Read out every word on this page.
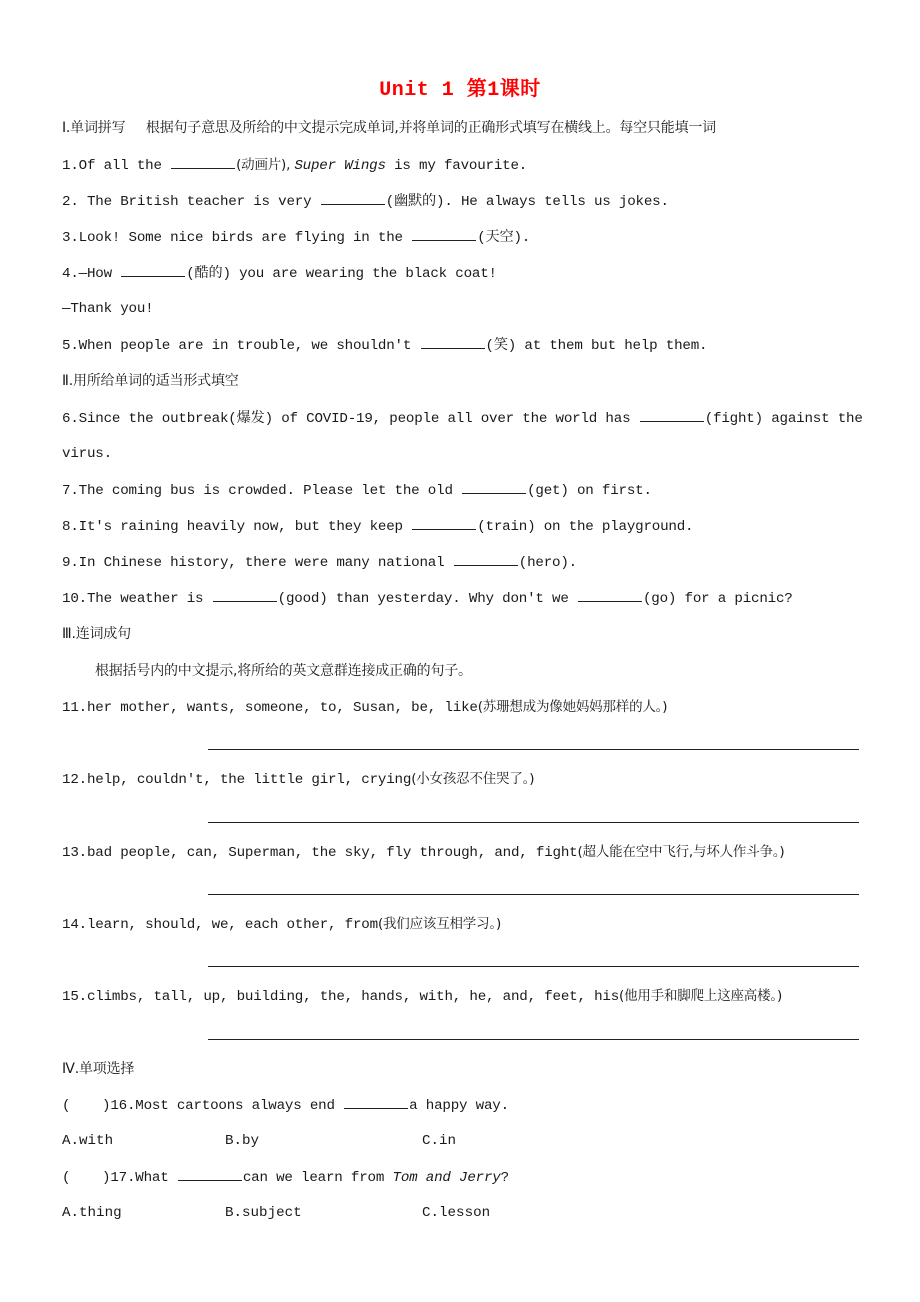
Unit 1 第1课时
Ⅰ.单词拼写 根据句子意思及所给的中文提示完成单词,并将单词的正确形式填写在横线上。每空只能填一词
1.Of all the	(动画片), Super Wings is my favourite.
2. The British teacher is very	(幽默的). He always tells us jokes.
3.Look! Some nice birds are flying in the	(天空).
4.—How	(酷的) you are wearing the black coat!
—Thank you!
5.When people are in trouble, we shouldn't	(笑) at them but help them.
Ⅱ.用所给单词的适当形式填空
6.Since the outbreak(爆发) of COVID-19, people all over the world has	(fight) against the
virus.
7.The coming bus is crowded. Please let the old	(get) on first.
8.It's raining heavily now, but they keep	(train) on the playground.
9.In Chinese history, there were many national	(hero).
10.The weather is	(good) than yesterday. Why don't we	(go) for a picnic?
Ⅲ.连词成句
根据括号内的中文提示,将所给的英文意群连接成正确的句子。
11.her mother, wants, someone, to, Susan, be, like(苏珊想成为像她妈妈那样的人。)
12.help, couldn't, the little girl, crying(小女孩忍不住哭了。)
13.bad people, can, Superman, the sky, fly through, and, fight(超人能在空中飞行,与坏人作斗争。)
14.learn, should, we, each other, from(我们应该互相学习。)
15.climbs, tall, up, building, the, hands, with, he, and, feet, his(他用手和脚爬上这座高楼。)
Ⅳ.单项选择
( )16.Most cartoons always end	a happy way.
A.with	B.by	C.in
( )17.What	can we learn from Tom and Jerry?
A.thing	B.subject	C.lesson
